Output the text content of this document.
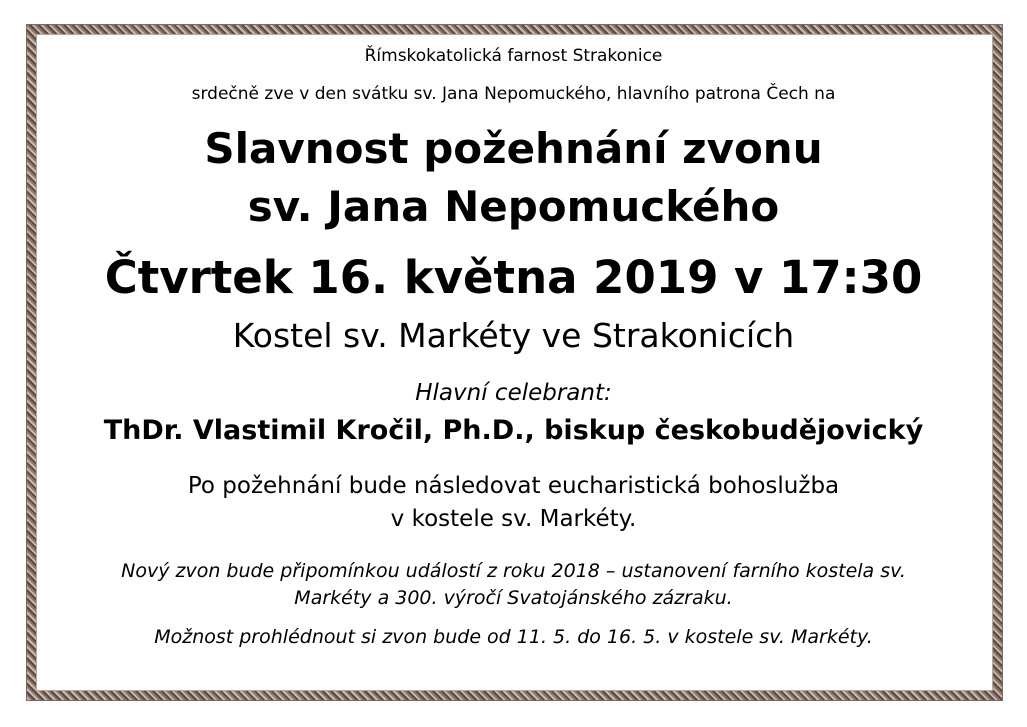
Římskokatolická farnost Strakonice
srdečně zve v den svátku sv. Jana Nepomuckého, hlavního patrona Čech na
Slavnost požehnání zvonu
sv. Jana Nepomuckého
Čtvrtek 16. května 2019 v 17:30
Kostel sv. Markéty ve Strakonicích
Hlavní celebrant:
ThDr. Vlastimil Kročil, Ph.D., biskup českobudějovický
Po požehnání bude následovat eucharistická bohoslužba
v kostele sv. Markéty.
Nový zvon bude připomínkou událostí z roku 2018 – ustanovení farního kostela sv.
Markéty a 300. výročí Svatojánského zázraku.
Možnost prohlédnout si zvon bude od 11. 5. do 16. 5. v kostele sv. Markéty.
